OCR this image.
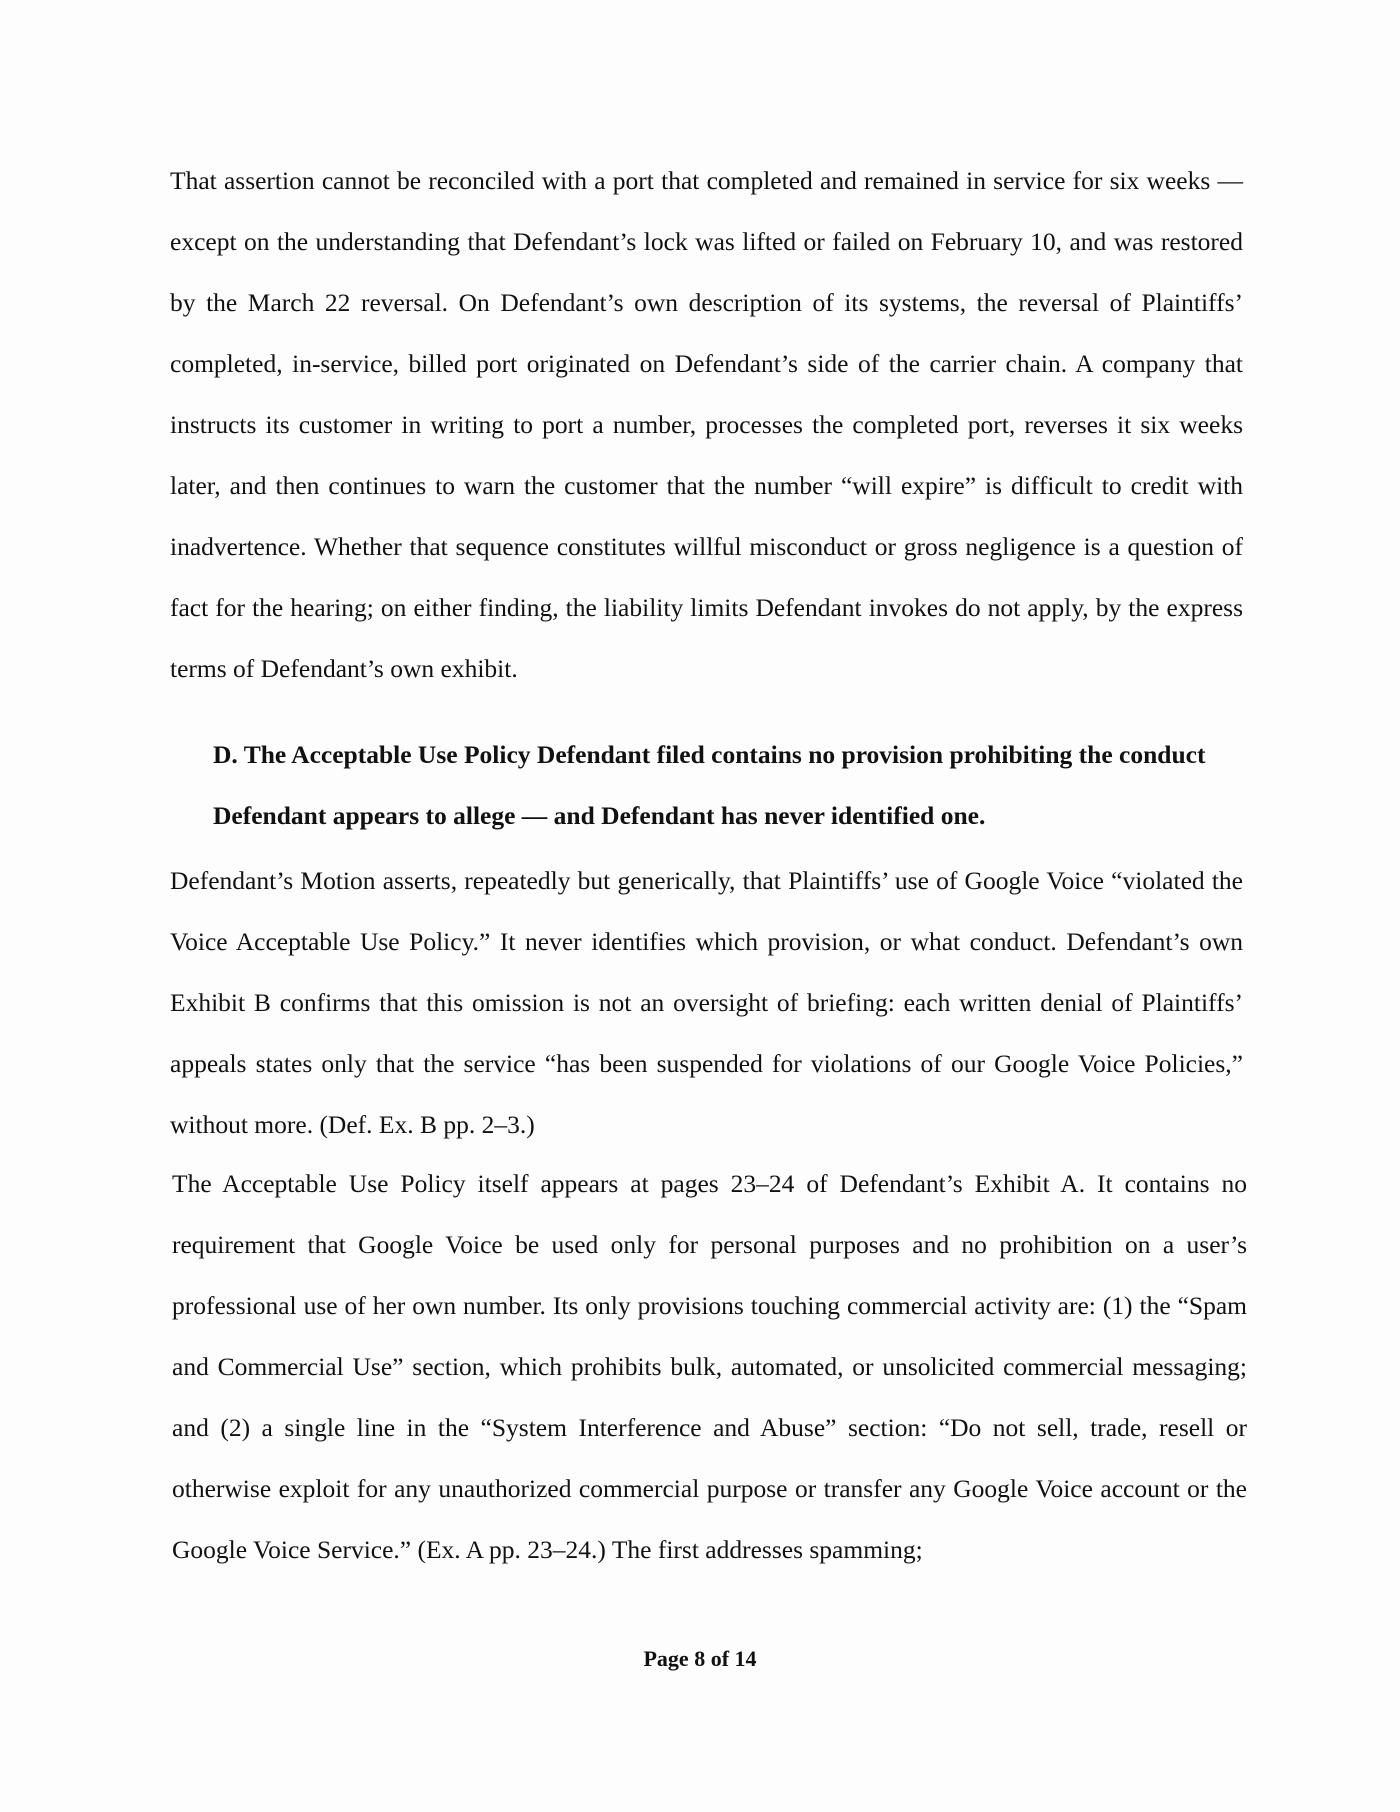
That assertion cannot be reconciled with a port that completed and remained in service for six weeks — except on the understanding that Defendant’s lock was lifted or failed on February 10, and was restored by the March 22 reversal. On Defendant’s own description of its systems, the reversal of Plaintiffs’ completed, in-service, billed port originated on Defendant’s side of the carrier chain. A company that instructs its customer in writing to port a number, processes the completed port, reverses it six weeks later, and then continues to warn the customer that the number “will expire” is difficult to credit with inadvertence. Whether that sequence constitutes willful misconduct or gross negligence is a question of fact for the hearing; on either finding, the liability limits Defendant invokes do not apply, by the express terms of Defendant’s own exhibit.

D. The Acceptable Use Policy Defendant filed contains no provision prohibiting the conduct Defendant appears to allege — and Defendant has never identified one.

Defendant’s Motion asserts, repeatedly but generically, that Plaintiffs’ use of Google Voice “violated the Voice Acceptable Use Policy.” It never identifies which provision, or what conduct. Defendant’s own Exhibit B confirms that this omission is not an oversight of briefing: each written denial of Plaintiffs’ appeals states only that the service “has been suspended for violations of our Google Voice Policies,” without more. (Def. Ex. B pp. 2–3.)

The Acceptable Use Policy itself appears at pages 23–24 of Defendant’s Exhibit A. It contains no requirement that Google Voice be used only for personal purposes and no prohibition on a user’s professional use of her own number. Its only provisions touching commercial activity are: (1) the “Spam and Commercial Use” section, which prohibits bulk, automated, or unsolicited commercial messaging; and (2) a single line in the “System Interference and Abuse” section: “Do not sell, trade, resell or otherwise exploit for any unauthorized commercial purpose or transfer any Google Voice account or the Google Voice Service.” (Ex. A pp. 23–24.) The first addresses spamming;

Page 8 of 14
